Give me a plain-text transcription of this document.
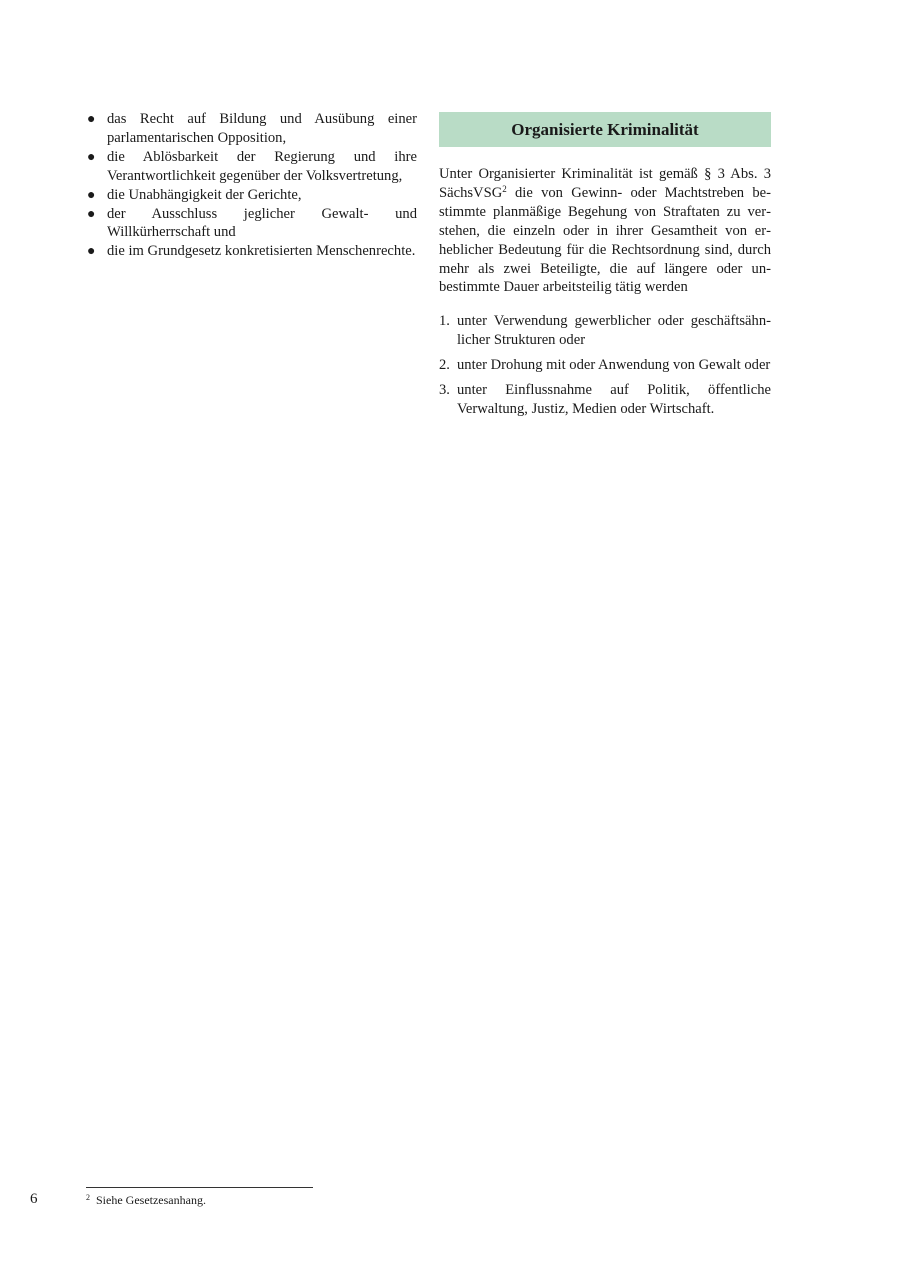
● das Recht auf Bildung und Ausübung einer parlamentarischen Opposition,
● die Ablösbarkeit der Regierung und ihre Verantwortlichkeit gegenüber der Volksvertretung,
● die Unabhängigkeit der Gerichte,
● der Ausschluss jeglicher Gewalt- und Willkürherrschaft und
● die im Grundgesetz konkretisierten Menschenrechte.
Organisierte Kriminalität

Unter Organisierter Kriminalität ist gemäß § 3 Abs. 3 SächsVSG$^2$ die von Gewinn- oder Machtstreben bestimmte planmäßige Begehung von Straftaten zu verstehen, die einzeln oder in ihrer Gesamtheit von erheblicher Bedeutung für die Rechtsordnung sind, durch mehr als zwei Beteiligte, die auf längere oder unbestimmte Dauer arbeitsteilig tätig werden

1. unter Verwendung gewerblicher oder geschäftsähnlicher Strukturen oder
2. unter Drohung mit oder Anwendung von Gewalt oder
3. unter Einflussnahme auf Politik, öffentliche Verwaltung, Justiz, Medien oder Wirtschaft.
6	$^2$ Siehe Gesetzesanhang.
